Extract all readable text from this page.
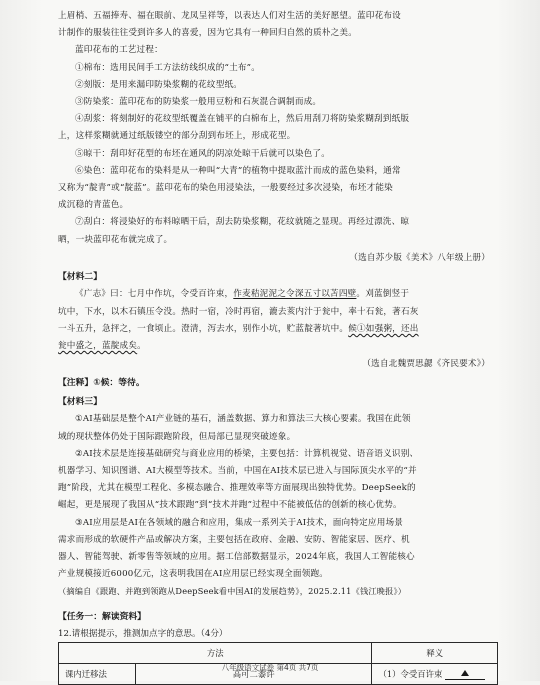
上眉梢、五福捧寿、福在眼前、龙凤呈祥等，以表达人们对生活的美好愿望。蓝印花布设

计制作的服装往往受到许多人的喜爱，因为它具有一种回归自然的质朴之美。

蓝印花布的工艺过程：

①棉布：选用民间手工方法纺线织成的“土布”。

②刻版：是用来漏印防染浆糊的花纹型纸。

③防染浆：蓝印花布的防染浆一般用豆粉和石灰混合调制而成。

④刮浆：将刻制好的花纹型纸覆盖在铺平的白棉布上，然后用刮刀将防染浆糊刮到纸版

上，这样浆糊就通过纸版镂空的部分刮到布坯上，形成花型。

⑤晾干：刮印好花型的布坯在通风的阴凉处晾干后就可以染色了。

⑥染色：蓝印花布的染料是从一种叫“大青”的植物中提取蓝汁而成的蓝色染料，通常

又称为“靛青”或“靛蓝”。蓝印花布的染色用浸染法，一般要经过多次浸染，布坯才能染

成沉稳的青蓝色。

⑦刮白：将浸染好的布料晾晒干后，刮去防染浆糊，花纹就随之显现。再经过漂洗、晾

晒，一块蓝印花布就完成了。

（选自苏少版《美术》八年级上册）

【材料二】

《广志》曰：七月中作坑，令受百许束，作麦秸泥泥之令深五寸以苫四壁。刈蓝倒竖于

坑中，下水，以木石镇压令没。热时一宿，冷时再宿，漉去荄内汁于瓮中，率十石瓮，著石灰

一斗五升，急抨之，一食顷止。澄清，泻去水，别作小坑，贮蓝靛著坑中。候①如强粥，还出

瓮中盛之，蓝靛成矣。

（选自北魏贾思勰《齐民要术》）

【注释】①候：等待。

【材料三】

①AI基础层是整个AI产业链的基石，涵盖数据、算力和算法三大核心要素。我国在此领

域的现状整体仍处于国际跟跑阶段，但局部已显现突破迹象。

②AI技术层是连接基础研究与商业应用的桥梁，主要包括：计算机视觉、语音语义识别、

机器学习、知识图谱、AI大模型等技术。当前，中国在AI技术层已进入与国际顶尖水平的“并

跑”阶段，尤其在模型工程化、多模态融合、推理效率等方面展现出独特优势。DeepSeek的

崛起，更是展现了我国从“技术跟跑”到“技术并跑”过程中不能被低估的创新的核心优势。

③AI应用层是AI在各领域的融合和应用，集成一系列关于AI技术，面向特定应用场景

需求而形成的软硬件产品或解决方案，主要包括在政府、金融、安防、智能家居、医疗、机

器人、智能驾驶、新零售等领域的应用。据工信部数据显示，2024年底，我国人工智能核心

产业规模接近6000亿元，这表明我国在AI应用层已经实现全面领跑。

（摘编自《跟跑、并跑到领跑从DeepSeek看中国AI的发展趋势》，2025.2.11《钱江晚报》）

【任务一：解读资料】

12.请根据提示，推测加点字的意思。（4分）

方法		释义
课内迁移法	高可二黍许	（1）令受百许束
八年级语文试卷 第4页 共7页
